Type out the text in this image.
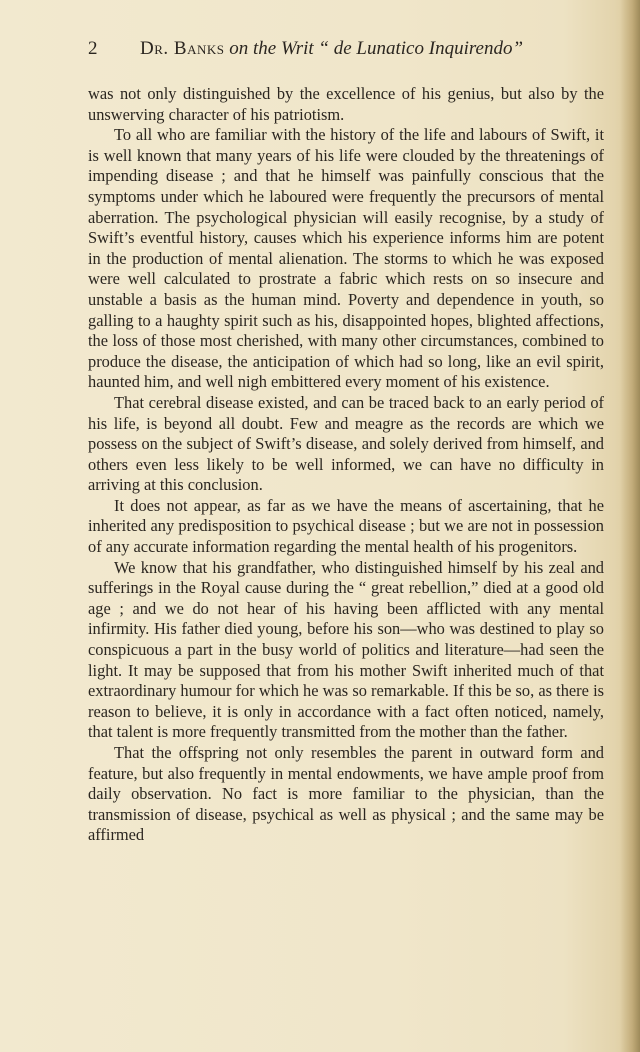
2 Dr. Banks on the Writ “ de Lunatico Inquirendo”

was not only distinguished by the excellence of his genius, but also by the unswerving character of his patriotism.

To all who are familiar with the history of the life and labours of Swift, it is well known that many years of his life were clouded by the threatenings of impending disease ; and that he himself was painfully conscious that the symptoms under which he laboured were frequently the precursors of mental aberration. The psychological physician will easily recognise, by a study of Swift’s eventful history, causes which his experience informs him are potent in the production of mental alienation. The storms to which he was exposed were well calculated to prostrate a fabric which rests on so insecure and unstable a basis as the human mind. Poverty and dependence in youth, so galling to a haughty spirit such as his, disappointed hopes, blighted affections, the loss of those most cherished, with many other circumstances, combined to produce the disease, the anticipation of which had so long, like an evil spirit, haunted him, and well nigh embittered every moment of his existence.

That cerebral disease existed, and can be traced back to an early period of his life, is beyond all doubt. Few and meagre as the records are which we possess on the subject of Swift’s disease, and solely derived from himself, and others even less likely to be well informed, we can have no difficulty in arriving at this conclusion.

It does not appear, as far as we have the means of ascertaining, that he inherited any predisposition to psychical disease ; but we are not in possession of any accurate information regarding the mental health of his progenitors.

We know that his grandfather, who distinguished himself by his zeal and sufferings in the Royal cause during the “ great rebellion,” died at a good old age ; and we do not hear of his having been afflicted with any mental infirmity. His father died young, before his son—who was destined to play so conspicuous a part in the busy world of politics and literature—had seen the light. It may be supposed that from his mother Swift inherited much of that extraordinary humour for which he was so remarkable. If this be so, as there is reason to believe, it is only in accordance with a fact often noticed, namely, that talent is more frequently transmitted from the mother than the father.

That the offspring not only resembles the parent in outward form and feature, but also frequently in mental endowments, we have ample proof from daily observation. No fact is more familiar to the physician, than the transmission of disease, psychical as well as physical ; and the same may be affirmed
